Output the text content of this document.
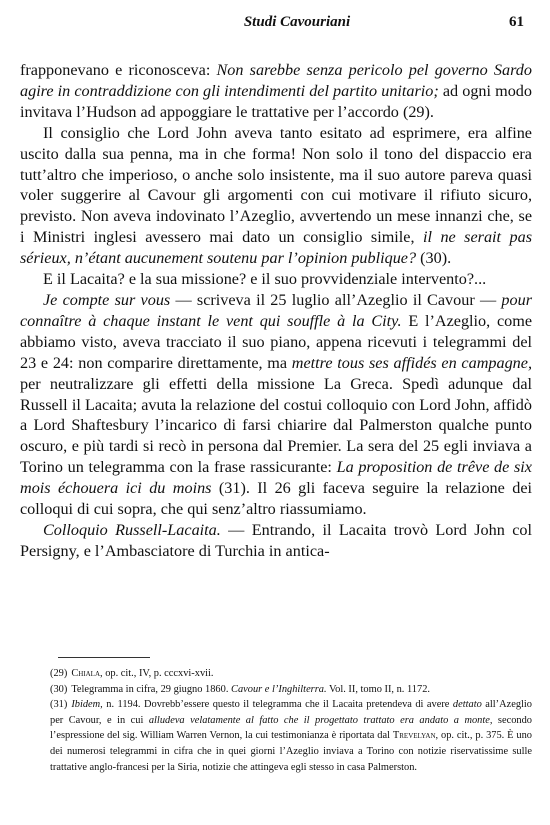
Studi Cavouriani	61

frapponevano e riconosceva: Non sarebbe senza pericolo pel governo Sardo agire in contraddizione con gli intendimenti del partito unitario; ad ogni modo invitava l’Hudson ad appoggiare le trattative per l’accordo (29).

Il consiglio che Lord John aveva tanto esitato ad esprimere, era alfine uscito dalla sua penna, ma in che forma! Non solo il tono del dispaccio era tutt’altro che imperioso, o anche solo insistente, ma il suo autore pareva quasi voler suggerire al Cavour gli argomenti con cui motivare il rifiuto sicuro, previsto. Non aveva indovinato l’Azeglio, avvertendo un mese innanzi che, se i Ministri inglesi avessero mai dato un consiglio simile, il ne serait pas sérieux, n’étant aucunement soutenu par l’opinion publique? (30).

E il Lacaita? e la sua missione? e il suo provvidenziale intervento?...

Je compte sur vous — scriveva il 25 luglio all’Azeglio il Cavour — pour connaître à chaque instant le vent qui souffle à la City. E l’Azeglio, come abbiamo visto, aveva tracciato il suo piano, appena ricevuti i telegrammi del 23 e 24: non comparire direttamente, ma mettre tous ses affidés en campagne, per neutralizzare gli effetti della missione La Greca. Spedì adunque dal Russell il Lacaita; avuta la relazione del costui colloquio con Lord John, affidò a Lord Shaftesbury l’incarico di farsi chiarire dal Palmerston qualche punto oscuro, e più tardi si recò in persona dal Premier. La sera del 25 egli inviava a Torino un telegramma con la frase rassicurante: La proposition de trêve de six mois échouera ici du moins (31). Il 26 gli faceva seguire la relazione dei colloqui di cui sopra, che qui senz’altro riassumiamo.

Colloquio Russell-Lacaita. — Entrando, il Lacaita trovò Lord John col Persigny, e l’Ambasciatore di Turchia in antica-

(29) Chiala, op. cit., IV, p. cccxvi-xvii.

(30) Telegramma in cifra, 29 giugno 1860. Cavour e l’Inghilterra. Vol. II, tomo II, n. 1172.

(31) Ibidem, n. 1194. Dovrebb’essere questo il telegramma che il Lacaita pretendeva di avere dettato all’Azeglio per Cavour, e in cui alludeva velatamente al fatto che il progettato trattato era andato a monte, secondo l’espressione del sig. William Warren Vernon, la cui testimonianza è riportata dal Trevelyan, op. cit., p. 375. È uno dei numerosi telegrammi in cifra che in quei giorni l’Azeglio inviava a Torino con notizie riservatissime sulle trattative anglo-francesi per la Siria, notizie che attingeva egli stesso in casa Palmerston.
